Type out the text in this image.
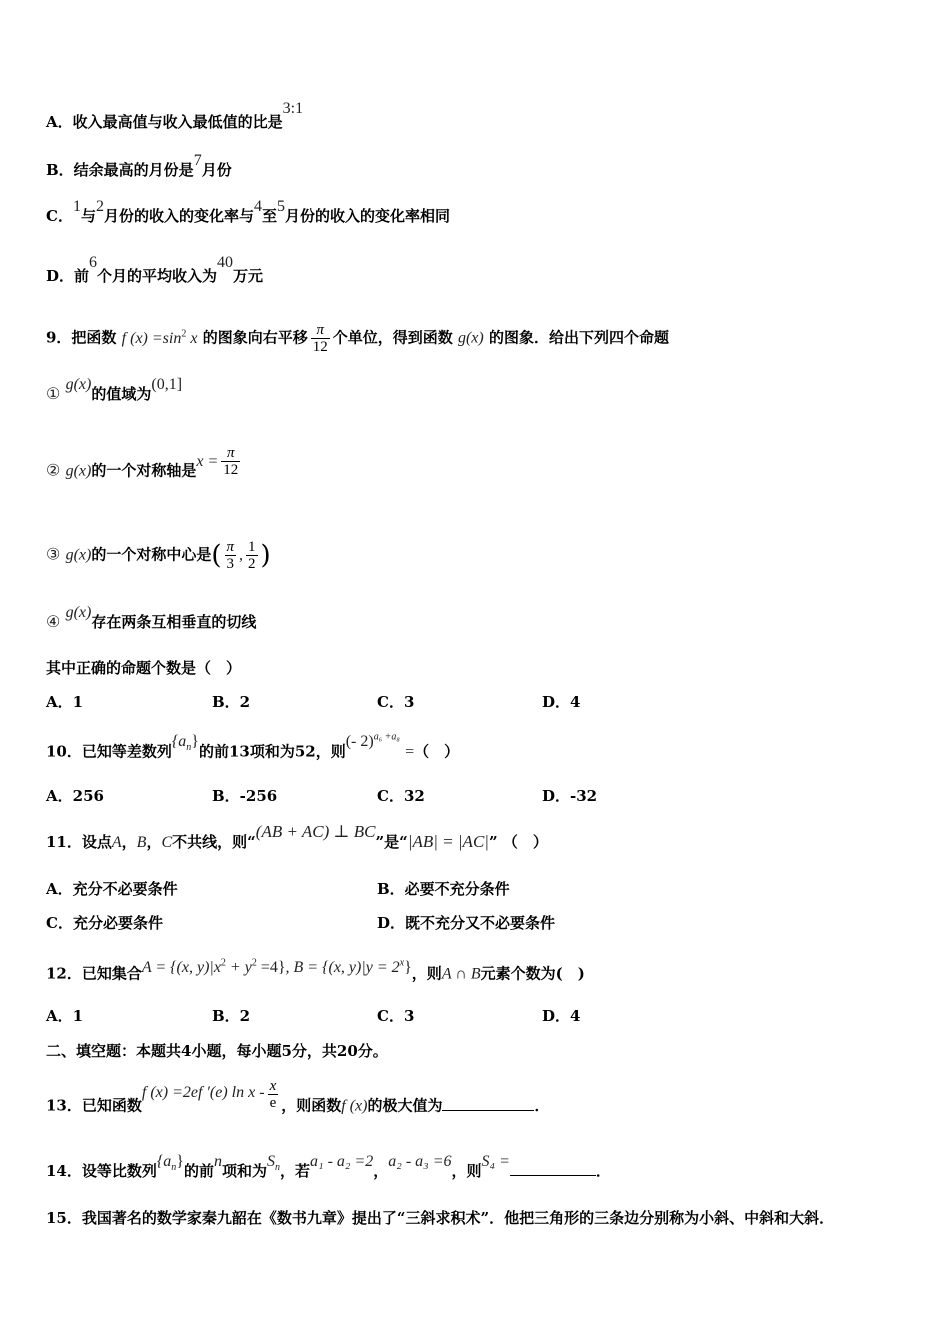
A．收入最高值与收入最低值的比是3:1
B．结余最高的月份是7月份
C．1与2月份的收入的变化率与4至5月份的收入的变化率相同
D．前6个月的平均收入为40万元
9．把函数 f $(x) =\sin^2$ x 的图象向右平移 $\frac{\pi}{12}$ 个单位，得到函数 g(x) 的图象．给出下列四个命题
① g(x)的值域为(0,1]
② g(x)的一个对称轴是$x = \frac{\pi}{12}$
③ g(x)的一个对称中心是( $\frac{\pi}{3}$ , $\frac{1}{2}$ )
④ g(x)存在两条互相垂直的切线
其中正确的命题个数是（　）
A．1	B．2	C．3	D．4
10．已知等差数列$\{a_n\}$的前13项和为52，则(- 2)$^{a_6 +a_8}$ =（　）
A．256	B．-256	C．32	D．-32
11．设点A，B，C不共线，则“(AB + AC) ⊥ BC”是“|AB| = |AC|” （　）
A．充分不必要条件	B．必要不充分条件
C．充分必要条件	D．既不充分又不必要条件
12．已知集合A = {(x, $y)|x^2 + y^2 =4$}, B = {(x, $y)|y = 2^x$}，则A ∩ B元素个数为(　)
A．1	B．2	C．3	D．4
二、填空题：本题共4小题，每小题5分，共20分。
13．已知函数f (x) =2ef ′(e) ln x - $\frac{x}{e}$ ，则函数f (x)的极大值为	．
14．设等比数列$\{a_n\}$的前n项和为$S_n$，若a₁ - a₂ =2，a₂ - a₃ =6，则S₄ =．
15．我国著名的数学家秦九韶在《数书九章》提出了“三斜求积术”．他把三角形的三条边分别称为小斜、中斜和大斜．
